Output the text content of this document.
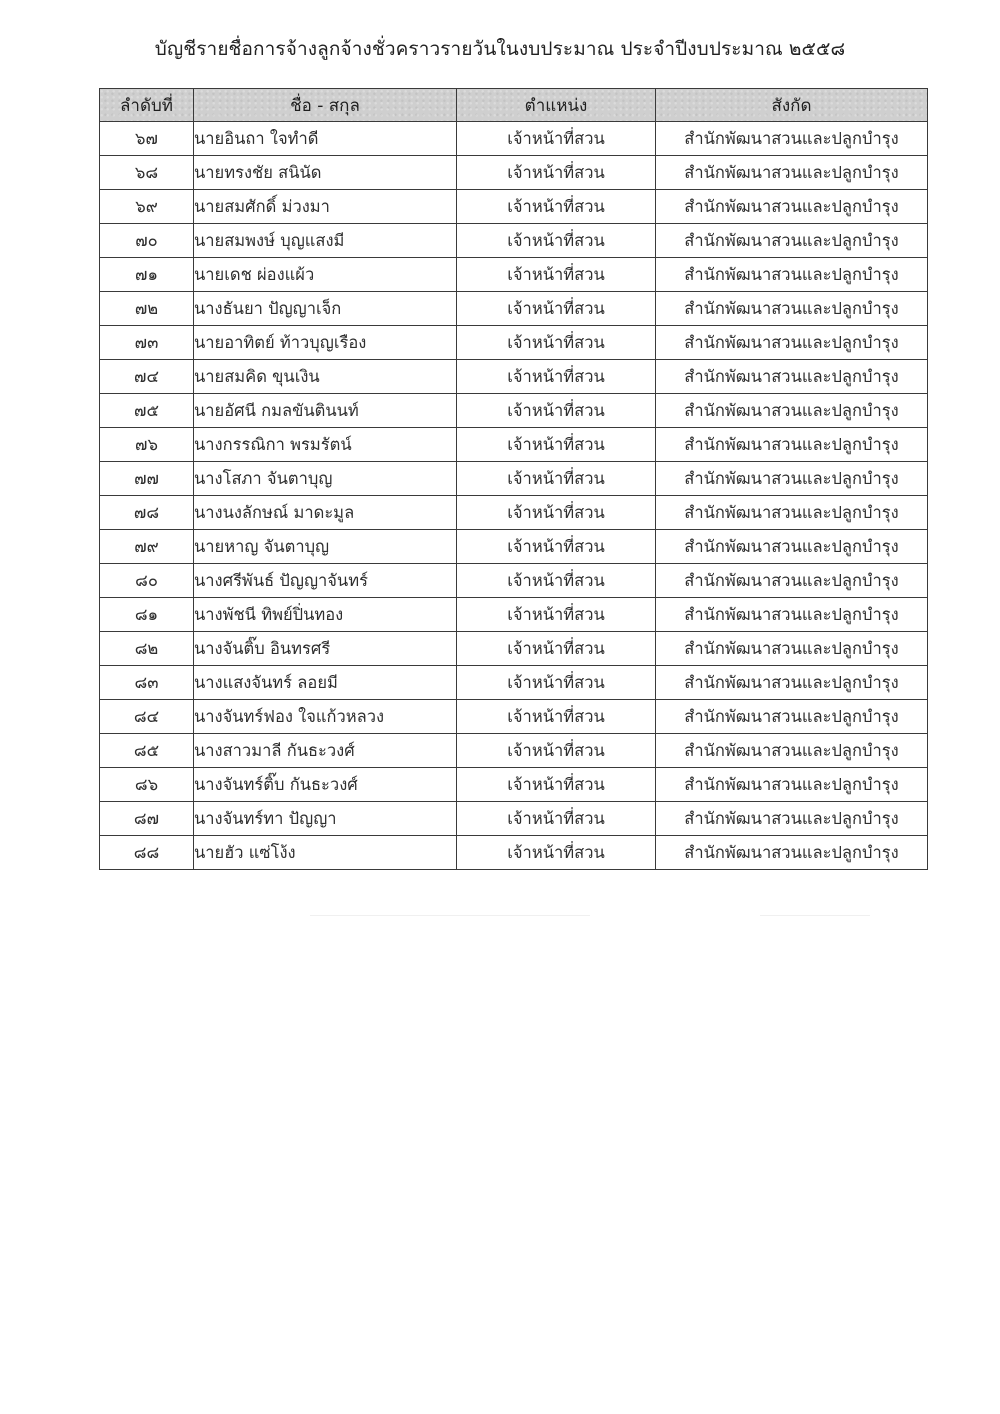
บัญชีรายชื่อการจ้างลูกจ้างชั่วคราวรายวันในงบประมาณ ประจำปีงบประมาณ ๒๕๕๘
ลำดับที่	ชื่อ - สกุล	ตำแหน่ง	สังกัด
๖๗	นายอินถา ใจทำดี	เจ้าหน้าที่สวน	สำนักพัฒนาสวนและปลูกบำรุง
๖๘	นายทรงชัย สนินัด	เจ้าหน้าที่สวน	สำนักพัฒนาสวนและปลูกบำรุง
๖๙	นายสมศักดิ์ ม่วงมา	เจ้าหน้าที่สวน	สำนักพัฒนาสวนและปลูกบำรุง
๗๐	นายสมพงษ์ บุญแสงมี	เจ้าหน้าที่สวน	สำนักพัฒนาสวนและปลูกบำรุง
๗๑	นายเดช ผ่องแผ้ว	เจ้าหน้าที่สวน	สำนักพัฒนาสวนและปลูกบำรุง
๗๒	นางธันยา ปัญญาเจ็ก	เจ้าหน้าที่สวน	สำนักพัฒนาสวนและปลูกบำรุง
๗๓	นายอาทิตย์ ท้าวบุญเรือง	เจ้าหน้าที่สวน	สำนักพัฒนาสวนและปลูกบำรุง
๗๔	นายสมคิด ขุนเงิน	เจ้าหน้าที่สวน	สำนักพัฒนาสวนและปลูกบำรุง
๗๕	นายอัศนี กมลขันตินนท์	เจ้าหน้าที่สวน	สำนักพัฒนาสวนและปลูกบำรุง
๗๖	นางกรรณิกา พรมรัตน์	เจ้าหน้าที่สวน	สำนักพัฒนาสวนและปลูกบำรุง
๗๗	นางโสภา จันตาบุญ	เจ้าหน้าที่สวน	สำนักพัฒนาสวนและปลูกบำรุง
๗๘	นางนงลักษณ์ มาดะมูล	เจ้าหน้าที่สวน	สำนักพัฒนาสวนและปลูกบำรุง
๗๙	นายหาญ จันตาบุญ	เจ้าหน้าที่สวน	สำนักพัฒนาสวนและปลูกบำรุง
๘๐	นางศรีพันธ์ ปัญญาจันทร์	เจ้าหน้าที่สวน	สำนักพัฒนาสวนและปลูกบำรุง
๘๑	นางพัชนี ทิพย์ปิ่นทอง	เจ้าหน้าที่สวน	สำนักพัฒนาสวนและปลูกบำรุง
๘๒	นางจันติ๊บ อินทรศรี	เจ้าหน้าที่สวน	สำนักพัฒนาสวนและปลูกบำรุง
๘๓	นางแสงจันทร์ ลอยมี	เจ้าหน้าที่สวน	สำนักพัฒนาสวนและปลูกบำรุง
๘๔	นางจันทร์ฟอง ใจแก้วหลวง	เจ้าหน้าที่สวน	สำนักพัฒนาสวนและปลูกบำรุง
๘๕	นางสาวมาลี กันธะวงศ์	เจ้าหน้าที่สวน	สำนักพัฒนาสวนและปลูกบำรุง
๘๖	นางจันทร์ติ๊บ กันธะวงศ์	เจ้าหน้าที่สวน	สำนักพัฒนาสวนและปลูกบำรุง
๘๗	นางจันทร์ทา ปัญญา	เจ้าหน้าที่สวน	สำนักพัฒนาสวนและปลูกบำรุง
๘๘	นายฮัว แซ่โง้ง	เจ้าหน้าที่สวน	สำนักพัฒนาสวนและปลูกบำรุง
